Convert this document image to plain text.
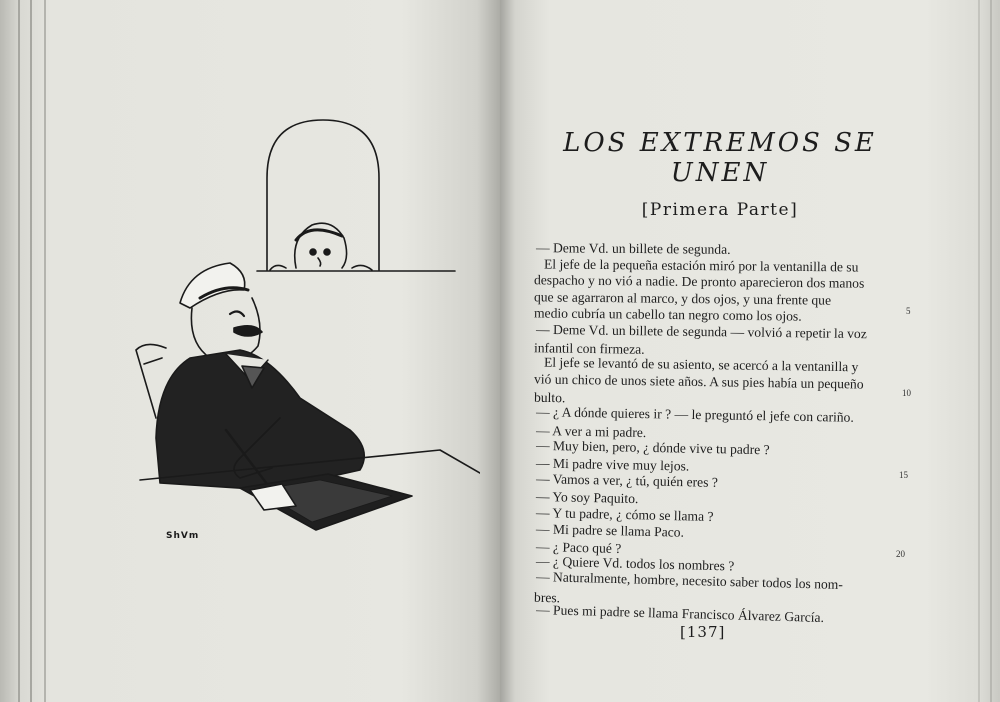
ShVm
LOS EXTREMOS SE
UNEN
[Primera Parte]
— Deme Vd. un billete de segunda.
El jefe de la pequeña estación miró por la ventanilla de su
despacho y no vió a nadie. De pronto aparecieron dos manos
que se agarraron al marco, y dos ojos, y una frente que
medio cubría un cabello tan negro como los ojos.
— Deme Vd. un billete de segunda — volvió a repetir la voz
infantil con firmeza.
El jefe se levantó de su asiento, se acercó a la ventanilla y
vió un chico de unos siete años. A sus pies había un pequeño
bulto.
— ¿ A dónde quieres ir ? — le preguntó el jefe con cariño.
— A ver a mi padre.
— Muy bien, pero, ¿ dónde vive tu padre ?
— Mi padre vive muy lejos.
— Vamos a ver, ¿ tú, quién eres ?
— Yo soy Paquito.
— Y tu padre, ¿ cómo se llama ?
— Mi padre se llama Paco.
— ¿ Paco qué ?
— ¿ Quiere Vd. todos los nombres ?
— Naturalmente, hombre, necesito saber todos los nom-
bres.
— Pues mi padre se llama Francisco Álvarez García.
5
10
15
20
[137]
